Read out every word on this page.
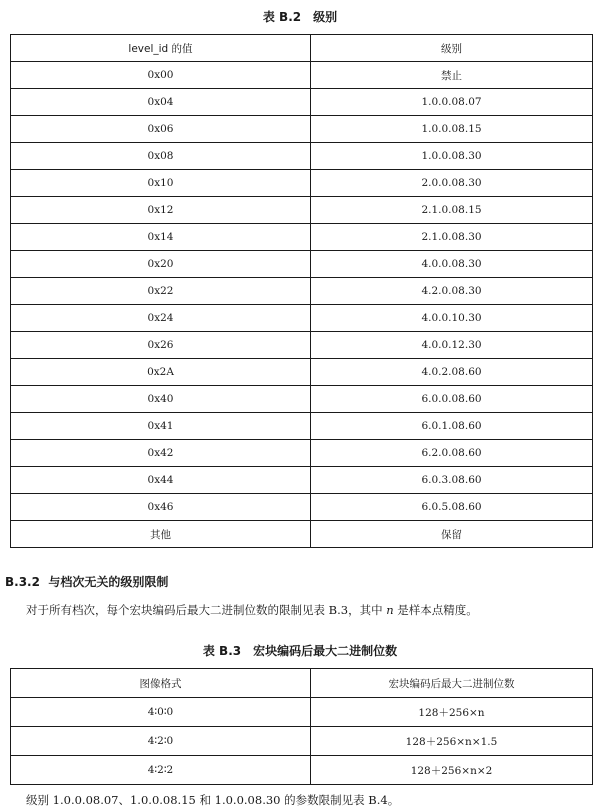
表 B.2　级别
level_id 的值	级别
0x00	禁止
0x04	1.0.0.08.07
0x06	1.0.0.08.15
0x08	1.0.0.08.30
0x10	2.0.0.08.30
0x12	2.1.0.08.15
0x14	2.1.0.08.30
0x20	4.0.0.08.30
0x22	4.2.0.08.30
0x24	4.0.0.10.30
0x26	4.0.0.12.30
0x2A	4.0.2.08.60
0x40	6.0.0.08.60
0x41	6.0.1.08.60
0x42	6.2.0.08.60
0x44	6.0.3.08.60
0x46	6.0.5.08.60
其他	保留
B.3.2 与档次无关的级别限制
对于所有档次，每个宏块编码后最大二进制位数的限制见表 B.3，其中 n 是样本点精度。
表 B.3　宏块编码后最大二进制位数
图像格式	宏块编码后最大二进制位数
4∶0∶0	128＋256×n
4∶2∶0	128＋256×n×1.5
4∶2∶2	128＋256×n×2
级别 1.0.0.08.07、1.0.0.08.15 和 1.0.0.08.30 的参数限制见表 B.4。
